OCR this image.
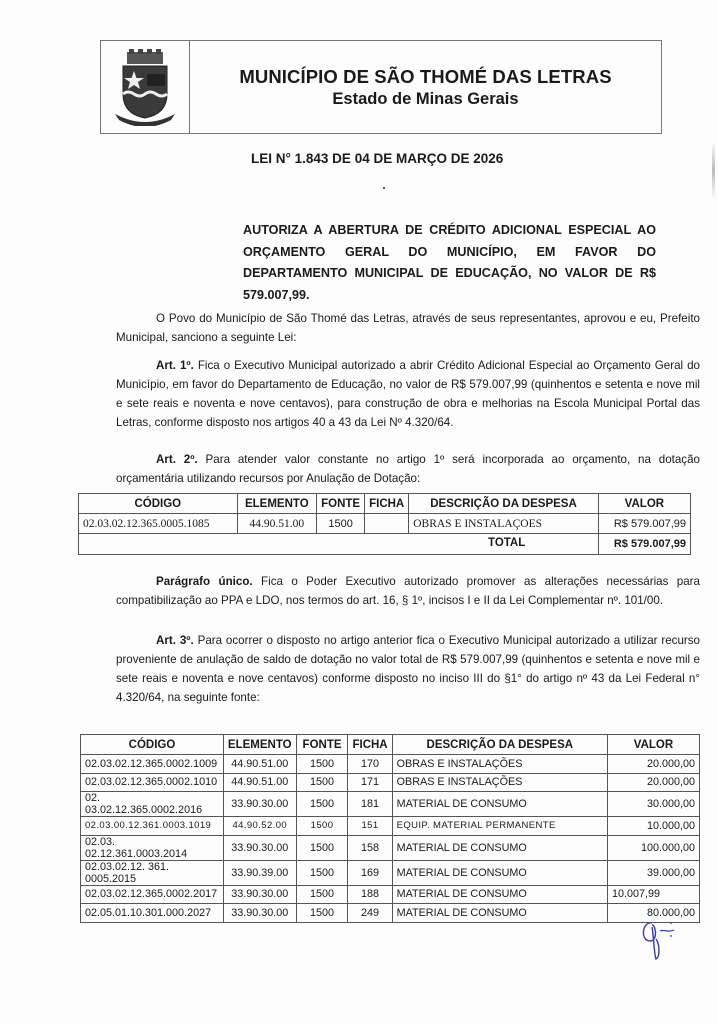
MUNICÍPIO DE SÃO THOMÉ DAS LETRAS
Estado de Minas Gerais
LEI N° 1.843 DE 04 DE MARÇO DE 2026
AUTORIZA A ABERTURA DE CRÉDITO ADICIONAL ESPECIAL AO ORÇAMENTO GERAL DO MUNICÍPIO, EM FAVOR DO DEPARTAMENTO MUNICIPAL DE EDUCAÇÃO, NO VALOR DE R$ 579.007,99.
O Povo do Município de São Thomé das Letras, através de seus representantes, aprovou e eu, Prefeito Municipal, sanciono a seguinte Lei:
Art. 1º. Fica o Executivo Municipal autorizado a abrir Crédito Adicional Especial ao Orçamento Geral do Município, em favor do Departamento de Educação, no valor de R$ 579.007,99 (quinhentos e setenta e nove mil e sete reais e noventa e nove centavos), para construção de obra e melhorias na Escola Municipal Portal das Letras, conforme disposto nos artigos 40 a 43 da Lei Nº 4.320/64.
Art. 2º. Para atender valor constante no artigo 1º será incorporada ao orçamento, na dotação orçamentária utilizando recursos por Anulação de Dotação:
CÓDIGO	ELEMENTO	FONTE	FICHA	DESCRIÇÃO DA DESPESA	VALOR
02.03.02.12.365.0005.1085	44.90.51.00	1500		OBRAS E INSTALAÇOES	R$ 579.007,99

TOTAL					R$ 579.007,99
Parágrafo único. Fica o Poder Executivo autorizado promover as alterações necessárias para compatibilização ao PPA e LDO, nos termos do art. 16, § 1º, incisos I e II da Lei Complementar nº. 101/00.
Art. 3º. Para ocorrer o disposto no artigo anterior fica o Executivo Municipal autorizado a utilizar recurso proveniente de anulação de saldo de dotação no valor total de R$ 579.007,99 (quinhentos e setenta e nove mil e sete reais e noventa e nove centavos) conforme disposto no inciso III do §1° do artigo nº 43 da Lei Federal n° 4.320/64, na seguinte fonte:
CÓDIGO	ELEMENTO	FONTE	FICHA	DESCRIÇÃO DA DESPESA	VALOR
02.03.02.12.365.0002.1009	44.90.51.00	1500	170	OBRAS E INSTALAÇÕES	20.000,00
02.03.02.12.365.0002.1010	44.90.51.00	1500	171	OBRAS E INSTALAÇÕES	20.000,00
02. 03.02.12.365.0002.2016	33.90.30.00	1500	181	MATERIAL DE CONSUMO	30.000,00
02.03.00.12.361.0003.1019	44.90.52.00	1500	151	EQUIP. MATERIAL PERMANENTE	10.000,00
02.03. 02.12.361.0003.2014	33.90.30.00	1500	158	MATERIAL DE CONSUMO	100.000,00
02.03.02.12. 361. 0005.2015	33.90.39.00	1500	169	MATERIAL DE CONSUMO	39.000,00
02.03.02.12.365.0002.2017	33.90.30.00	1500	188	MATERIAL DE CONSUMO	10.007,99
02.05.01.10.301.000.2027	33.90.30.00	1500	249	MATERIAL DE CONSUMO	80.000,00
